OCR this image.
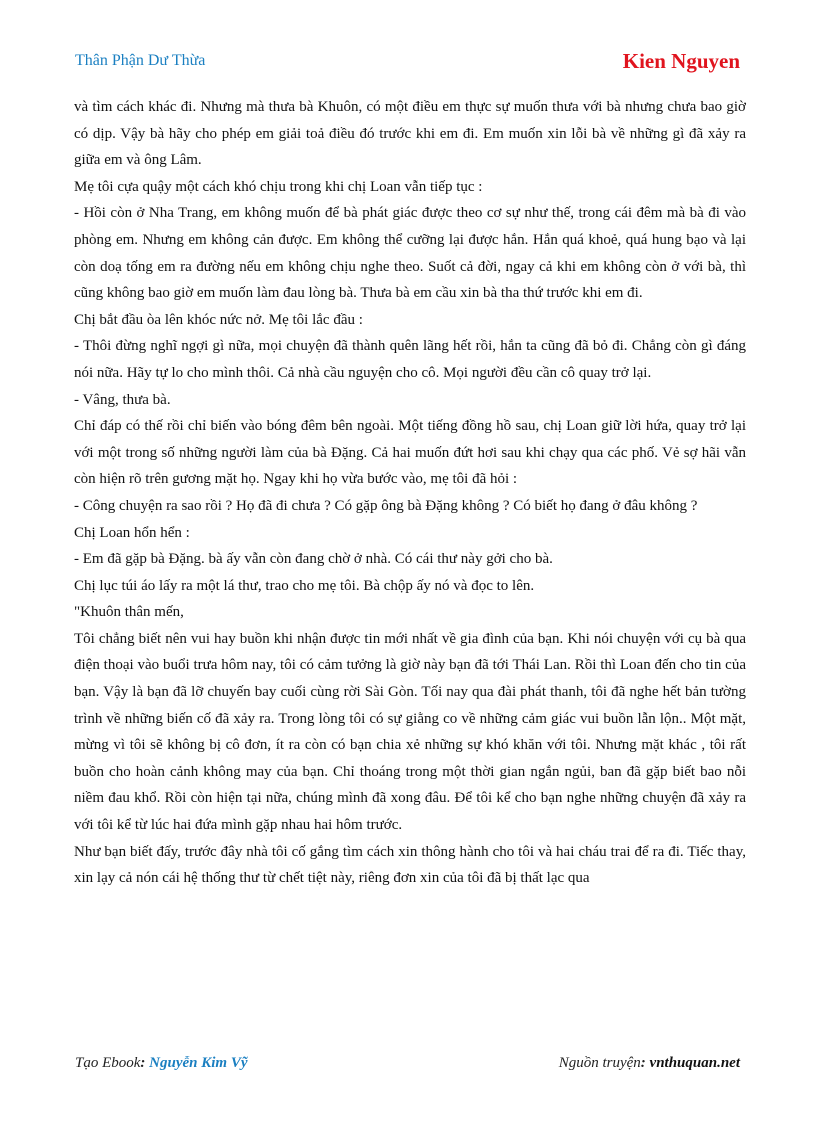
Thân Phận Dư Thừa	Kien Nguyen

và tìm cách khác đi. Nhưng mà thưa bà Khuôn, có một điều em thực sự muốn thưa với bà nhưng chưa bao giờ có dịp. Vậy bà hãy cho phép em giải toả điều đó trước khi em đi. Em muốn xin lỗi bà về những gì đã xảy ra giữa em và ông Lâm.

Mẹ tôi cựa quậy một cách khó chịu trong khi chị Loan vẫn tiếp tục :

- Hồi còn ở Nha Trang, em không muốn để bà phát giác được theo cơ sự như thế, trong cái đêm mà bà đi vào phòng em. Nhưng em không cản được. Em không thể cưỡng lại được hắn. Hắn quá khoẻ, quá hung bạo và lại còn doạ tống em ra đường nếu em không chịu nghe theo. Suốt cả đời, ngay cả khi em không còn ở với bà, thì cũng không bao giờ em muốn làm đau lòng bà. Thưa bà em cầu xin bà tha thứ trước khi em đi.

Chị bắt đầu òa lên khóc nức nở. Mẹ tôi lắc đầu :

- Thôi đừng nghĩ ngợi gì nữa, mọi chuyện đã thành quên lãng hết rồi, hắn ta cũng đã bỏ đi. Chẳng còn gì đáng nói nữa. Hãy tự lo cho mình thôi. Cả nhà cầu nguyện cho cô. Mọi người đều cần cô quay trở lại.

- Vâng, thưa bà.

Chỉ đáp có thế rồi chỉ biến vào bóng đêm bên ngoài. Một tiếng đồng hồ sau, chị Loan giữ lời hứa, quay trở lại với một trong số những người làm của bà Đặng. Cả hai muốn đứt hơi sau khi chạy qua các phố. Vẻ sợ hãi vẫn còn hiện rõ trên gương mặt họ. Ngay khi họ vừa bước vào, mẹ tôi đã hỏi :

- Công chuyện ra sao rồi ? Họ đã đi chưa ? Có gặp ông bà Đặng không ? Có biết họ đang ở đâu không ?

Chị Loan hổn hển :

- Em đã gặp bà Đặng. bà ấy vẫn còn đang chờ ở nhà. Có cái thư này gởi cho bà.

Chị lục túi áo lấy ra một lá thư, trao cho mẹ tôi. Bà chộp ấy nó và đọc to lên.

"Khuôn thân mến,

Tôi chẳng biết nên vui hay buồn khi nhận được tin mới nhất về gia đình của bạn. Khi nói chuyện với cụ bà qua điện thoại vào buổi trưa hôm nay, tôi có cảm tưởng là giờ này bạn đã tới Thái Lan. Rồi thì Loan đến cho tin của bạn. Vậy là bạn đã lỡ chuyến bay cuối cùng rời Sài Gòn. Tối nay qua đài phát thanh, tôi đã nghe hết bản tường trình về những biến cố đã xảy ra. Trong lòng tôi có sự giằng co về những cảm giác vui buồn lẫn lộn.. Một mặt, mừng vì tôi sẽ không bị cô đơn, ít ra còn có bạn chia xẻ những sự khó khăn với tôi. Nhưng mặt khác , tôi rất buồn cho hoàn cảnh không may của bạn. Chỉ thoáng trong một thời gian ngắn ngủi, ban đã gặp biết bao nỗi niềm đau khổ. Rồi còn hiện tại nữa, chúng mình đã xong đâu. Để tôi kể cho bạn nghe những chuyện đã xảy ra với tôi kể từ lúc hai đứa mình gặp nhau hai hôm trước.

Như bạn biết đấy, trước đây nhà tôi cố gắng tìm cách xin thông hành cho tôi và hai cháu trai để ra đi. Tiếc thay, xin lạy cả nón cái hệ thống thư từ chết tiệt này, riêng đơn xin của tôi đã bị thất lạc qua

Tạo Ebook: Nguyễn Kim Vỹ	Nguồn truyện: vnthuquan.net
